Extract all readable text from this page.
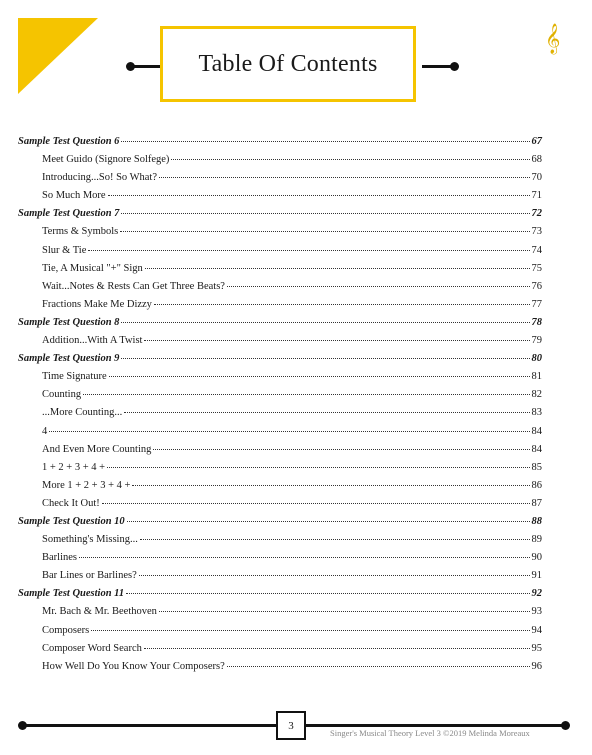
Table Of Contents
𝄞
Sample Test Question 6	67
Meet Guido (Signore Solfege)	68
Introducing...So! So What?	70
So Much More	71
Sample Test Question 7	72
Terms & Symbols	73
Slur & Tie	74
Tie, A Musical "+" Sign	75
Wait...Notes & Rests Can Get Three Beats?	76
Fractions Make Me Dizzy	77
Sample Test Question 8	78
Addition...With A Twist	79
Sample Test Question 9	80
Time Signature	81
Counting	82
...More Counting...	83
4	84
And Even More Counting	84
1 + 2 + 3 + 4 +	85
More 1 + 2 + 3 + 4 +	86
Check It Out!	87
Sample Test Question 10	88
Something's Missing...	89
Barlines	90
Bar Lines or Barlines?	91
Sample Test Question 11	92
Mr. Bach & Mr. Beethoven	93
Composers	94
Composer Word Search	95
How Well Do You Know Your Composers?	96
3
Singer's Musical Theory Level 3 ©2019 Melinda Moreaux
